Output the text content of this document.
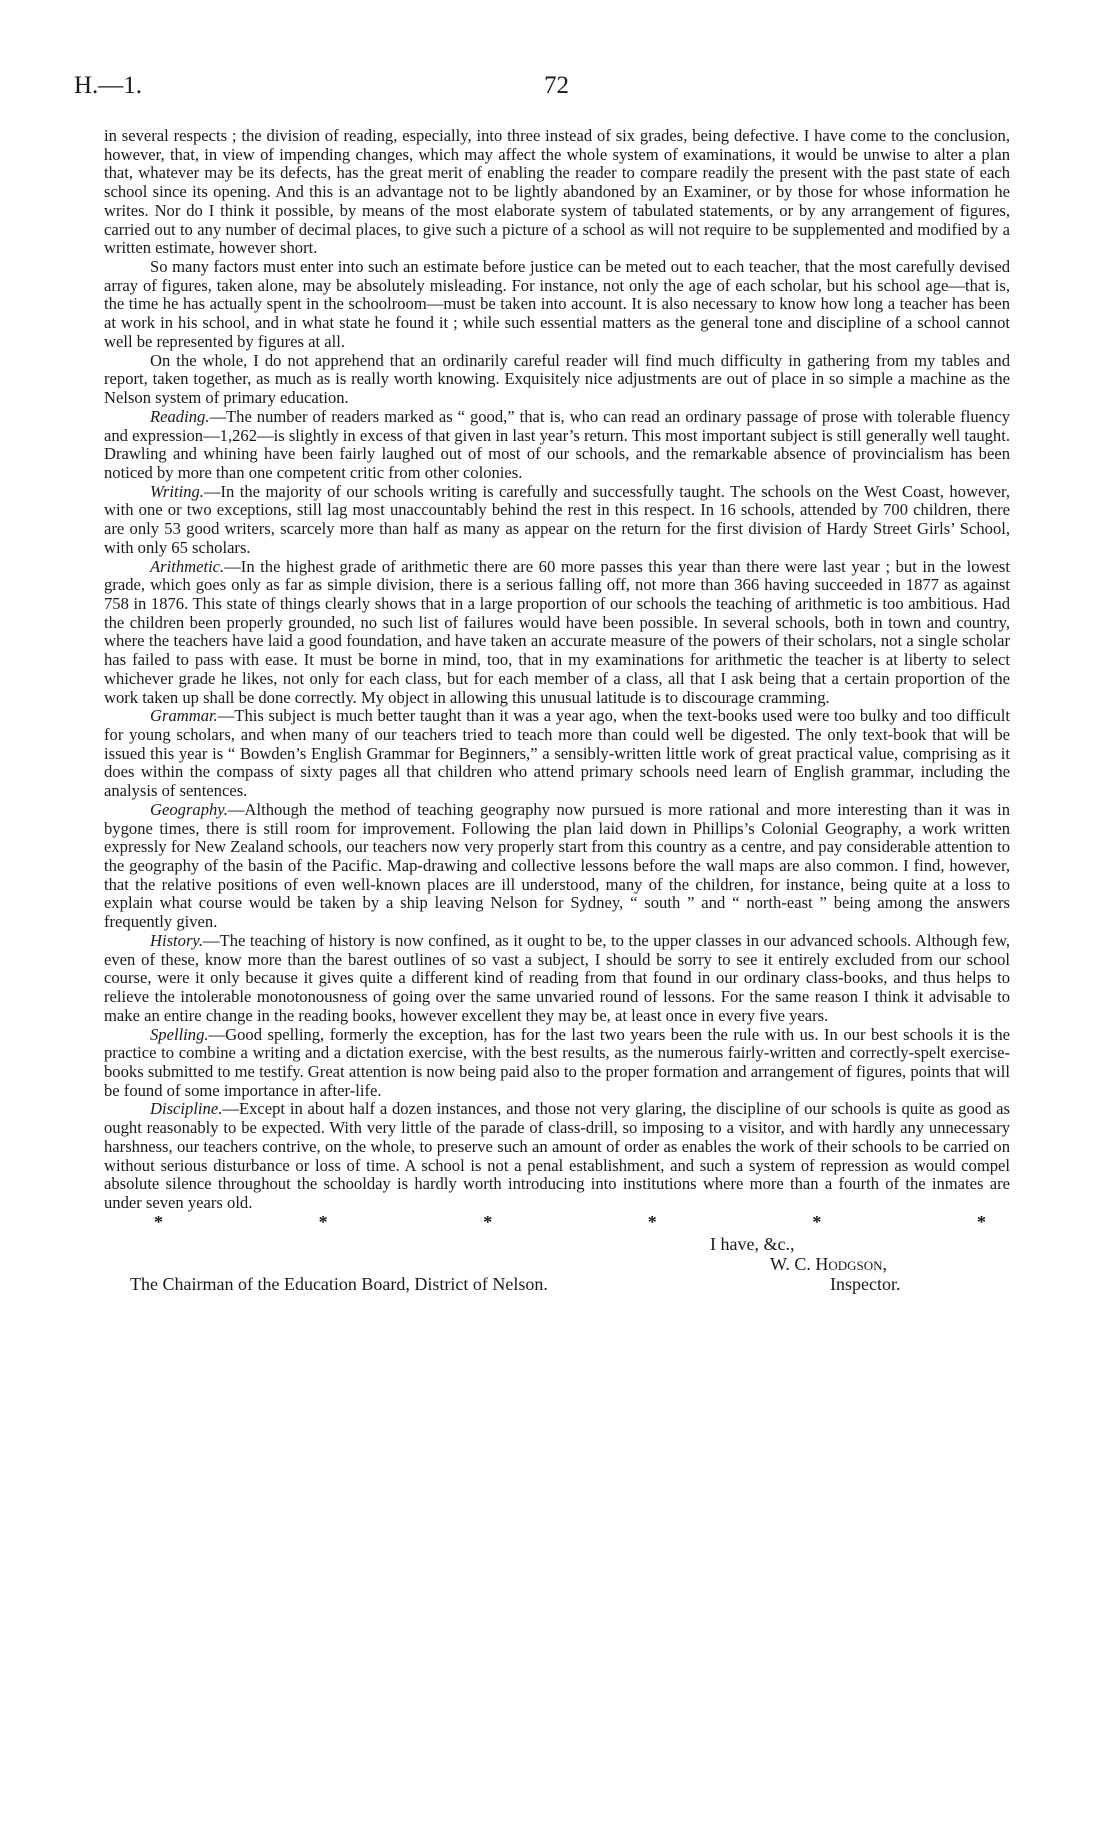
H.—1.	72

in several respects ; the division of reading, especially, into three instead of six grades, being defective. I have come to the conclusion, however, that, in view of impending changes, which may affect the whole system of examinations, it would be unwise to alter a plan that, whatever may be its defects, has the great merit of enabling the reader to compare readily the present with the past state of each school since its opening. And this is an advantage not to be lightly abandoned by an Examiner, or by those for whose information he writes. Nor do I think it possible, by means of the most elaborate system of tabulated statements, or by any arrangement of figures, carried out to any number of decimal places, to give such a picture of a school as will not require to be supplemented and modified by a written estimate, however short.

So many factors must enter into such an estimate before justice can be meted out to each teacher, that the most carefully devised array of figures, taken alone, may be absolutely misleading. For instance, not only the age of each scholar, but his school age—that is, the time he has actually spent in the schoolroom—must be taken into account. It is also necessary to know how long a teacher has been at work in his school, and in what state he found it ; while such essential matters as the general tone and discipline of a school cannot well be represented by figures at all.

On the whole, I do not apprehend that an ordinarily careful reader will find much difficulty in gathering from my tables and report, taken together, as much as is really worth knowing. Exquisitely nice adjustments are out of place in so simple a machine as the Nelson system of primary education.

Reading.—The number of readers marked as “ good,” that is, who can read an ordinary passage of prose with tolerable fluency and expression—1,262—is slightly in excess of that given in last year’s return. This most important subject is still generally well taught. Drawling and whining have been fairly laughed out of most of our schools, and the remarkable absence of provincialism has been noticed by more than one competent critic from other colonies.

Writing.—In the majority of our schools writing is carefully and successfully taught. The schools on the West Coast, however, with one or two exceptions, still lag most unaccountably behind the rest in this respect. In 16 schools, attended by 700 children, there are only 53 good writers, scarcely more than half as many as appear on the return for the first division of Hardy Street Girls’ School, with only 65 scholars.

Arithmetic.—In the highest grade of arithmetic there are 60 more passes this year than there were last year ; but in the lowest grade, which goes only as far as simple division, there is a serious falling off, not more than 366 having succeeded in 1877 as against 758 in 1876. This state of things clearly shows that in a large proportion of our schools the teaching of arithmetic is too ambitious. Had the children been properly grounded, no such list of failures would have been possible. In several schools, both in town and country, where the teachers have laid a good foundation, and have taken an accurate measure of the powers of their scholars, not a single scholar has failed to pass with ease. It must be borne in mind, too, that in my examinations for arithmetic the teacher is at liberty to select whichever grade he likes, not only for each class, but for each member of a class, all that I ask being that a certain proportion of the work taken up shall be done correctly. My object in allowing this unusual latitude is to discourage cramming.

Grammar.—This subject is much better taught than it was a year ago, when the text-books used were too bulky and too difficult for young scholars, and when many of our teachers tried to teach more than could well be digested. The only text-book that will be issued this year is “ Bowden’s English Grammar for Beginners,” a sensibly-written little work of great practical value, comprising as it does within the compass of sixty pages all that children who attend primary schools need learn of English grammar, including the analysis of sentences.

Geography.—Although the method of teaching geography now pursued is more rational and more interesting than it was in bygone times, there is still room for improvement. Following the plan laid down in Phillips’s Colonial Geography, a work written expressly for New Zealand schools, our teachers now very properly start from this country as a centre, and pay considerable attention to the geography of the basin of the Pacific. Map-drawing and collective lessons before the wall maps are also common. I find, however, that the relative positions of even well-known places are ill understood, many of the children, for instance, being quite at a loss to explain what course would be taken by a ship leaving Nelson for Sydney, “ south ” and “ north-east ” being among the answers frequently given.

History.—The teaching of history is now confined, as it ought to be, to the upper classes in our advanced schools. Although few, even of these, know more than the barest outlines of so vast a subject, I should be sorry to see it entirely excluded from our school course, were it only because it gives quite a different kind of reading from that found in our ordinary class-books, and thus helps to relieve the intolerable monotonousness of going over the same unvaried round of lessons. For the same reason I think it advisable to make an entire change in the reading books, however excellent they may be, at least once in every five years.

Spelling.—Good spelling, formerly the exception, has for the last two years been the rule with us. In our best schools it is the practice to combine a writing and a dictation exercise, with the best results, as the numerous fairly-written and correctly-spelt exercise-books submitted to me testify. Great attention is now being paid also to the proper formation and arrangement of figures, points that will be found of some importance in after-life.

Discipline.—Except in about half a dozen instances, and those not very glaring, the discipline of our schools is quite as good as ought reasonably to be expected. With very little of the parade of class-drill, so imposing to a visitor, and with hardly any unnecessary harshness, our teachers contrive, on the whole, to preserve such an amount of order as enables the work of their schools to be carried on without serious disturbance or loss of time. A school is not a penal establishment, and such a system of repression as would compel absolute silence throughout the schoolday is hardly worth introducing into institutions where more than a fourth of the inmates are under seven years old.

*	*	*	*	*	*
I have, &c.,
W. C. Hodgson,
The Chairman of the Education Board, District of Nelson.	Inspector.
